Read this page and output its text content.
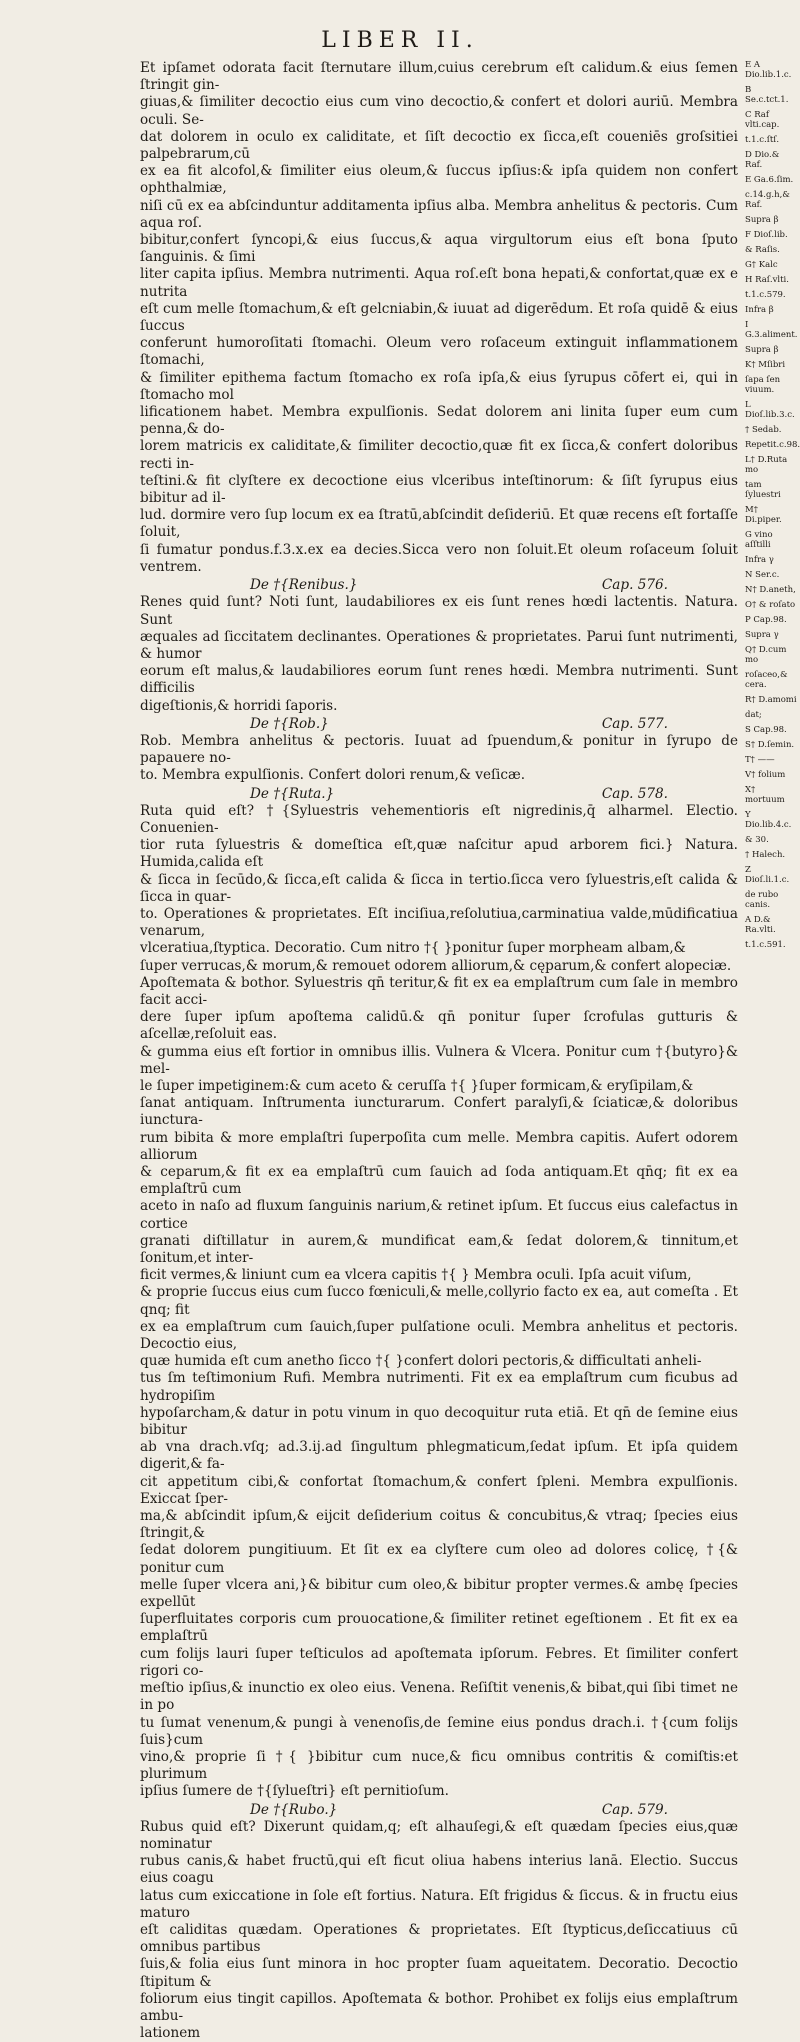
LIBER II.

Et ipſamet odorata facit ſternutare illum,cuius cerebrum eſt calidum.& eius ſemen ſtringit gin-

giuas,& ſimiliter decoctio eius cum vino decoctio,& confert et dolori auriū. Membra oculi. Se-

dat dolorem in oculo ex caliditate, et ſiſt decoctio ex ſicca,eſt coueniēs groſsitiei palpebrarum,cū

ex ea fit alcofol,& ſimiliter eius oleum,& ſuccus ipſius:& ipſa quidem non confert ophthalmiæ,

niſi cū ex ea abſcinduntur additamenta ipſius alba. Membra anhelitus & pectoris. Cum aqua roſ.

bibitur,confert ſyncopi,& eius ſuccus,& aqua virgultorum eius eſt bona ſputo ſanguinis. & ſimi

liter capita ipſius. Membra nutrimenti. Aqua roſ.eſt bona hepati,& confortat,quæ ex e nutrita

eſt cum melle ſtomachum,& eſt gelcniabin,& iuuat ad digerēdum. Et roſa quidē & eius ſuccus

conferunt humoroſitati ſtomachi. Oleum vero roſaceum extinguit inflammationem ſtomachi,

& ſimiliter epithema factum ſtomacho ex roſa ipſa,& eius ſyrupus cōfert ei, qui in ſtomacho mol

lificationem habet. Membra expulſionis. Sedat dolorem ani linita ſuper eum cum penna,& do-

lorem matricis ex caliditate,& ſimiliter decoctio,quæ fit ex ſicca,& confert doloribus recti in-

teſtini.& fit clyſtere ex decoctione eius vlceribus inteſtinorum: & ſiſt ſyrupus eius bibitur ad il-

lud. dormire vero ſup locum ex ea ſtratū,abſcindit deſideriū. Et quæ recens eſt fortaſſe ſoluit,

ſi fumatur pondus.f.3.x.ex ea decies.Sicca vero non ſoluit.Et oleum roſaceum ſoluit ventrem.

De †{Renibus.}	Cap. 576.

Renes quid ſunt? Noti ſunt, laudabiliores ex eis ſunt renes hœdi lactentis. Natura. Sunt

æquales ad ſiccitatem declinantes. Operationes & proprietates. Parui ſunt nutrimenti, & humor

eorum eſt malus,& laudabiliores eorum ſunt renes hœdi. Membra nutrimenti. Sunt difficilis

digeſtionis,& horridi ſaporis.

De †{Rob.}	Cap. 577.

Rob. Membra anhelitus & pectoris. Iuuat ad ſpuendum,& ponitur in ſyrupo de papauere no-

to. Membra expulſionis. Confert dolori renum,& veſicæ.

De †{Ruta.}	Cap. 578.

Ruta quid eſt? †{Syluestris vehementioris eſt nigredinis,q̄ alharmel. Electio. Conuenien-

tior ruta ſyluestris & domeſtica eſt,quæ naſcitur apud arborem fici.} Natura. Humida,calida eſt

& ſicca in ſecūdo,& ſicca,eſt calida & ſicca in tertio.ſicca vero ſyluestris,eſt calida & ſicca in quar-

to. Operationes & proprietates. Eſt inciſiua,reſolutiua,carminatiua valde,mūdificatiua venarum,

vlceratiua,ſtyptica. Decoratio. Cum nitro †{ }ponitur ſuper morpheam albam,&

ſuper verrucas,& morum,& remouet odorem alliorum,& cęparum,& confert alopeciæ.

Apoſtemata & bothor. Syluestris qn̄ teritur,& fit ex ea emplaſtrum cum ſale in membro facit acci-

dere ſuper ipſum apoſtema calidū.& qn̄ ponitur ſuper ſcrofulas gutturis & aſcellæ,reſoluit eas.

& gumma eius eſt fortior in omnibus illis. Vulnera & Vlcera. Ponitur cum †{butyro}& mel-

le ſuper impetiginem:& cum aceto & ceruſſa †{ }ſuper formicam,& eryſipilam,&

ſanat antiquam. Inſtrumenta iuncturarum. Confert paralyſi,& ſciaticæ,& doloribus iunctura-

rum bibita & more emplaſtri ſuperpoſita cum melle. Membra capitis. Aufert odorem alliorum

& ceparum,& fit ex ea emplaſtrū cum ſauich ad ſoda antiquam.Et qn̄q; fit ex ea emplaſtrū cum

aceto in naſo ad fluxum ſanguinis narium,& retinet ipſum. Et ſuccus eius calefactus in cortice

granati diſtillatur in aurem,& mundificat eam,& ſedat dolorem,& tinnitum,et ſonitum,et inter-

ficit vermes,& liniunt cum ea vlcera capitis †{ } Membra oculi. Ipſa acuit viſum,

& proprie ſuccus eius cum ſucco fœniculi,& melle,collyrio facto ex ea, aut comeſta . Et qnq; fit

ex ea emplaſtrum cum ſauich,ſuper pulſatione oculi. Membra anhelitus et pectoris. Decoctio eius,

quæ humida eſt cum anetho ſicco †{ }confert dolori pectoris,& difficultati anheli-

tus ſm teſtimonium Rufi. Membra nutrimenti. Fit ex ea emplaſtrum cum ficubus ad hydropiſim

hypoſarcham,& datur in potu vinum in quo decoquitur ruta etiā. Et qn̄ de ſemine eius bibitur

ab vna drach.vſq; ad.3.ij.ad ſingultum phlegmaticum,ſedat ipſum. Et ipſa quidem digerit,& fa-

cit appetitum cibi,& confortat ſtomachum,& confert ſpleni. Membra expulſionis. Exiccat ſper-

ma,& abſcindit ipſum,& eijcit deſiderium coitus & concubitus,& vtraq; ſpecies eius ſtringit,&

ſedat dolorem pungitiuum. Et ſit ex ea clyſtere cum oleo ad dolores colicę, †{& ponitur cum

melle ſuper vlcera ani,}& bibitur cum oleo,& bibitur propter vermes.& ambę ſpecies expellūt

ſuperfluitates corporis cum prouocatione,& ſimiliter retinet egeſtionem . Et fit ex ea emplaſtrū

cum folijs lauri ſuper teſticulos ad apoſtemata ipſorum. Febres. Et ſimiliter confert rigori co-

meſtio ipſius,& inunctio ex oleo eius. Venena. Reſiſtit venenis,& bibat,qui ſibi timet ne in po

tu ſumat venenum,& pungi à venenoſis,de ſemine eius pondus drach.i. †{cum folijs ſuis}cum

vino,& proprie ſi †{ }bibitur cum nuce,& ficu omnibus contritis & comiſtis:et plurimum

ipſius ſumere de †{ſylueſtri} eſt pernitioſum.

De †{Rubo.}	Cap. 579.

Rubus quid eſt? Dixerunt quidam,q; eſt alhauſegi,& eſt quædam ſpecies eius,quæ nominatur

rubus canis,& habet fructū,qui eſt ficut oliua habens interius lanā. Electio. Succus eius coagu

latus cum exiccatione in ſole eſt fortius. Natura. Eſt frigidus & ſiccus. & in fructu eius maturo

eſt caliditas quædam. Operationes & proprietates. Eſt ſtypticus,deſiccatiuus cū omnibus partibus

ſuis,& folia eius ſunt minora in hoc propter ſuam aqueitatem. Decoratio. Decoctio ſtipitum &

foliorum eius tingit capillos. Apoſtemata & bothor. Prohibet ex folijs eius emplaſtrum ambu-

lationem

E A Dio.lib.1.c.

B Se.c.tct.1.

C Raf vlti.cap.

t.1.c.ſtſ.

D Dio.& Raf.

E Ga.6.ſim.

c.14.g.h,& Raf.

Supra β

F Dioſ.lib.

& Raſis.

G† Kalc

H Raſ.vlti.

t.1.c.579.

Infra β

I G.3.aliment.

Supra β

K† Mſibri

ſapa ſen viuum.

L Dioſ.lib.3.c.

† Sedab.

Repetit.c.98.

L† D.Ruta mo

tam ſyluestri

M† Di.piper.

G vino aſſtilli

Infra γ

N Ser.c.

N† D.aneth,

O† & roſato

P Cap.98.

Supra γ

Q† D.cum mo

roſaceo,& cera.

R† D.amomi

dat;

S Cap.98.

S† D.ſemin.

T† ——

V† folium

X† mortuum

Y Dio.lib.4.c.

& 30.

† Halech.

Z Dioſ.li.1.c.

de rubo canis.

A D.& Ra.vlti.

t.1.c.591.
